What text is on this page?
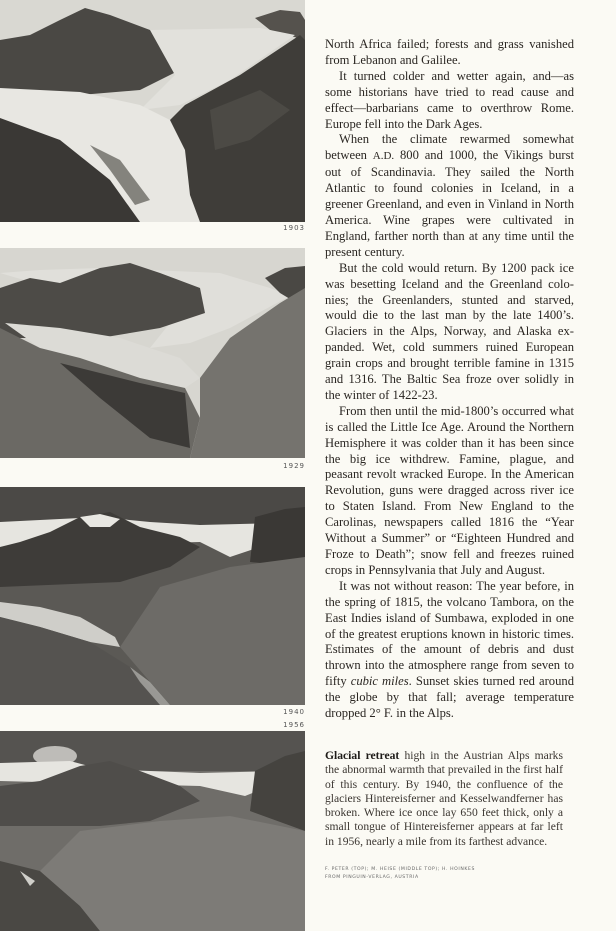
1903
1929
1940
1956

North Africa failed; forests and grass vanished from Lebanon and Galilee.

It turned colder and wetter again, and—as some historians have tried to read cause and effect—barbarians came to overthrow Rome. Europe fell into the Dark Ages.

When the climate rewarmed somewhat between A.D. 800 and 1000, the Vikings burst out of Scandinavia. They sailed the North Atlantic to found colonies in Iceland, in a greener Greenland, and even in Vinland in North America. Wine grapes were cultivated in England, farther north than at any time until the present century.

But the cold would return. By 1200 pack ice was besetting Iceland and the Greenland colonies; the Greenlanders, stunted and starved, would die to the last man by the late 1400’s. Glaciers in the Alps, Norway, and Alaska expanded. Wet, cold summers ruined European grain crops and brought terrible famine in 1315 and 1316. The Baltic Sea froze over solidly in the winter of 1422-23.

From then until the mid-1800’s occurred what is called the Little Ice Age. Around the Northern Hemisphere it was colder than it has been since the big ice withdrew. Famine, plague, and peasant revolt wracked Europe. In the American Revolution, guns were dragged across river ice to Staten Island. From New England to the Carolinas, newspapers called 1816 the “Year Without a Summer” or “Eighteen Hundred and Froze to Death”; snow fell and freezes ruined crops in Pennsylvania that July and August.

It was not without reason: The year before, in the spring of 1815, the volcano Tambora, on the East Indies island of Sumbawa, exploded in one of the greatest eruptions known in historic times. Estimates of the amount of debris and dust thrown into the atmosphere range from seven to fifty cubic miles. Sunset skies turned red around the globe by that fall; average temperature dropped 2° F. in the Alps.

Glacial retreat high in the Austrian Alps marks the abnormal warmth that prevailed in the first half of this century. By 1940, the confluence of the glaciers Hintereisferner and Kesselwandferner has broken. Where ice once lay 650 feet thick, only a small tongue of Hintereisferner appears at far left in 1956, nearly a mile from its farthest advance.
F. PETER (TOP); M. HEISE (MIDDLE TOP); H. HOINKES
FROM PINGUIN-VERLAG, AUSTRIA
